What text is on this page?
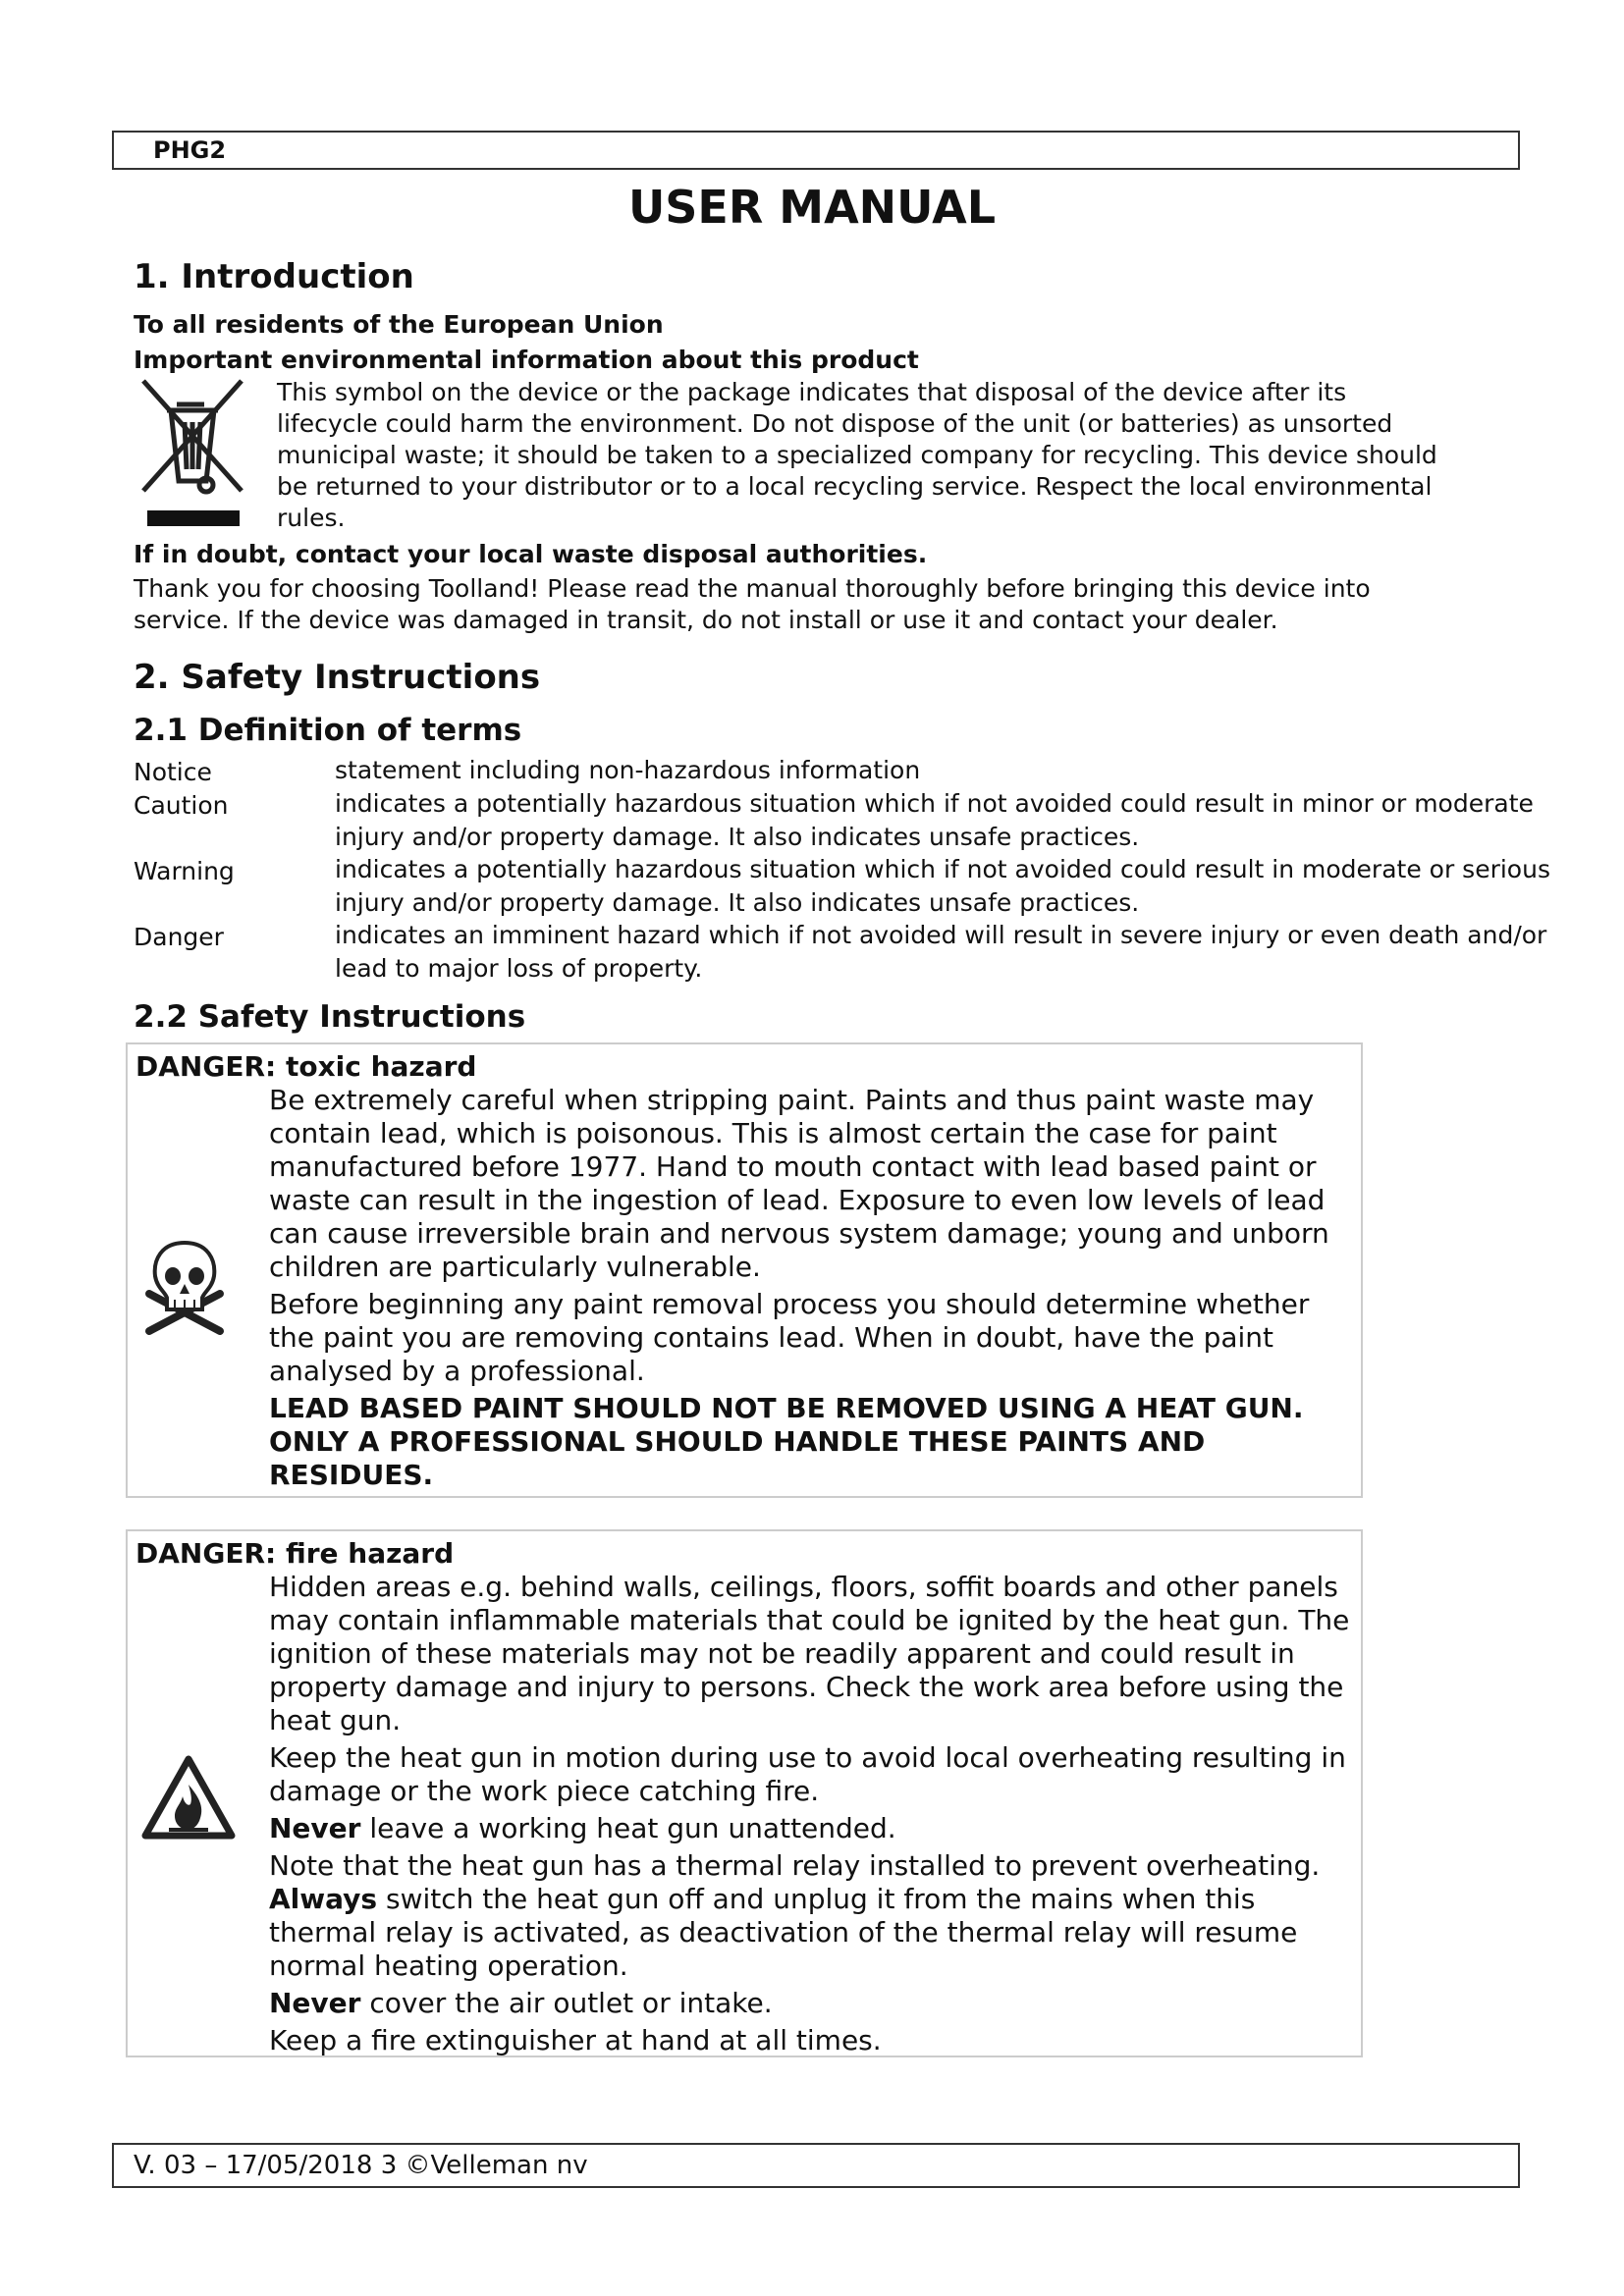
PHG2
USER MANUAL
1. Introduction
To all residents of the European Union
Important environmental information about this product
This symbol on the device or the package indicates that disposal of the device after its
lifecycle could harm the environment. Do not dispose of the unit (or batteries) as unsorted
municipal waste; it should be taken to a specialized company for recycling. This device should
be returned to your distributor or to a local recycling service. Respect the local environmental
rules.
If in doubt, contact your local waste disposal authorities.
Thank you for choosing Toolland! Please read the manual thoroughly before bringing this device into
service. If the device was damaged in transit, do not install or use it and contact your dealer.
2. Safety Instructions
2.1 Definition of terms
Notice	statement including non-hazardous information
Caution	indicates a potentially hazardous situation which if not avoided could result in minor or moderate injury and/or property damage. It also indicates unsafe practices.
Warning	indicates a potentially hazardous situation which if not avoided could result in moderate or serious injury and/or property damage. It also indicates unsafe practices.
Danger	indicates an imminent hazard which if not avoided will result in severe injury or even death and/or lead to major loss of property.
2.2 Safety Instructions
DANGER: toxic hazard

Be extremely careful when stripping paint. Paints and thus paint waste may contain lead, which is poisonous. This is almost certain the case for paint manufactured before 1977. Hand to mouth contact with lead based paint or waste can result in the ingestion of lead. Exposure to even low levels of lead can cause irreversible brain and nervous system damage; young and unborn children are particularly vulnerable.

Before beginning any paint removal process you should determine whether the paint you are removing contains lead. When in doubt, have the paint analysed by a professional.

LEAD BASED PAINT SHOULD NOT BE REMOVED USING A HEAT GUN. ONLY A PROFESSIONAL SHOULD HANDLE THESE PAINTS AND RESIDUES.

DANGER: fire hazard

Hidden areas e.g. behind walls, ceilings, floors, soffit boards and other panels may contain inflammable materials that could be ignited by the heat gun. The ignition of these materials may not be readily apparent and could result in property damage and injury to persons. Check the work area before using the heat gun.

Keep the heat gun in motion during use to avoid local overheating resulting in damage or the work piece catching fire.

Never leave a working heat gun unattended.

Note that the heat gun has a thermal relay installed to prevent overheating.

Always switch the heat gun off and unplug it from the mains when this thermal relay is activated, as deactivation of the thermal relay will resume normal heating operation.

Never cover the air outlet or intake.

Keep a fire extinguisher at hand at all times.

V. 03 – 17/05/2018 3 ©Velleman nv
